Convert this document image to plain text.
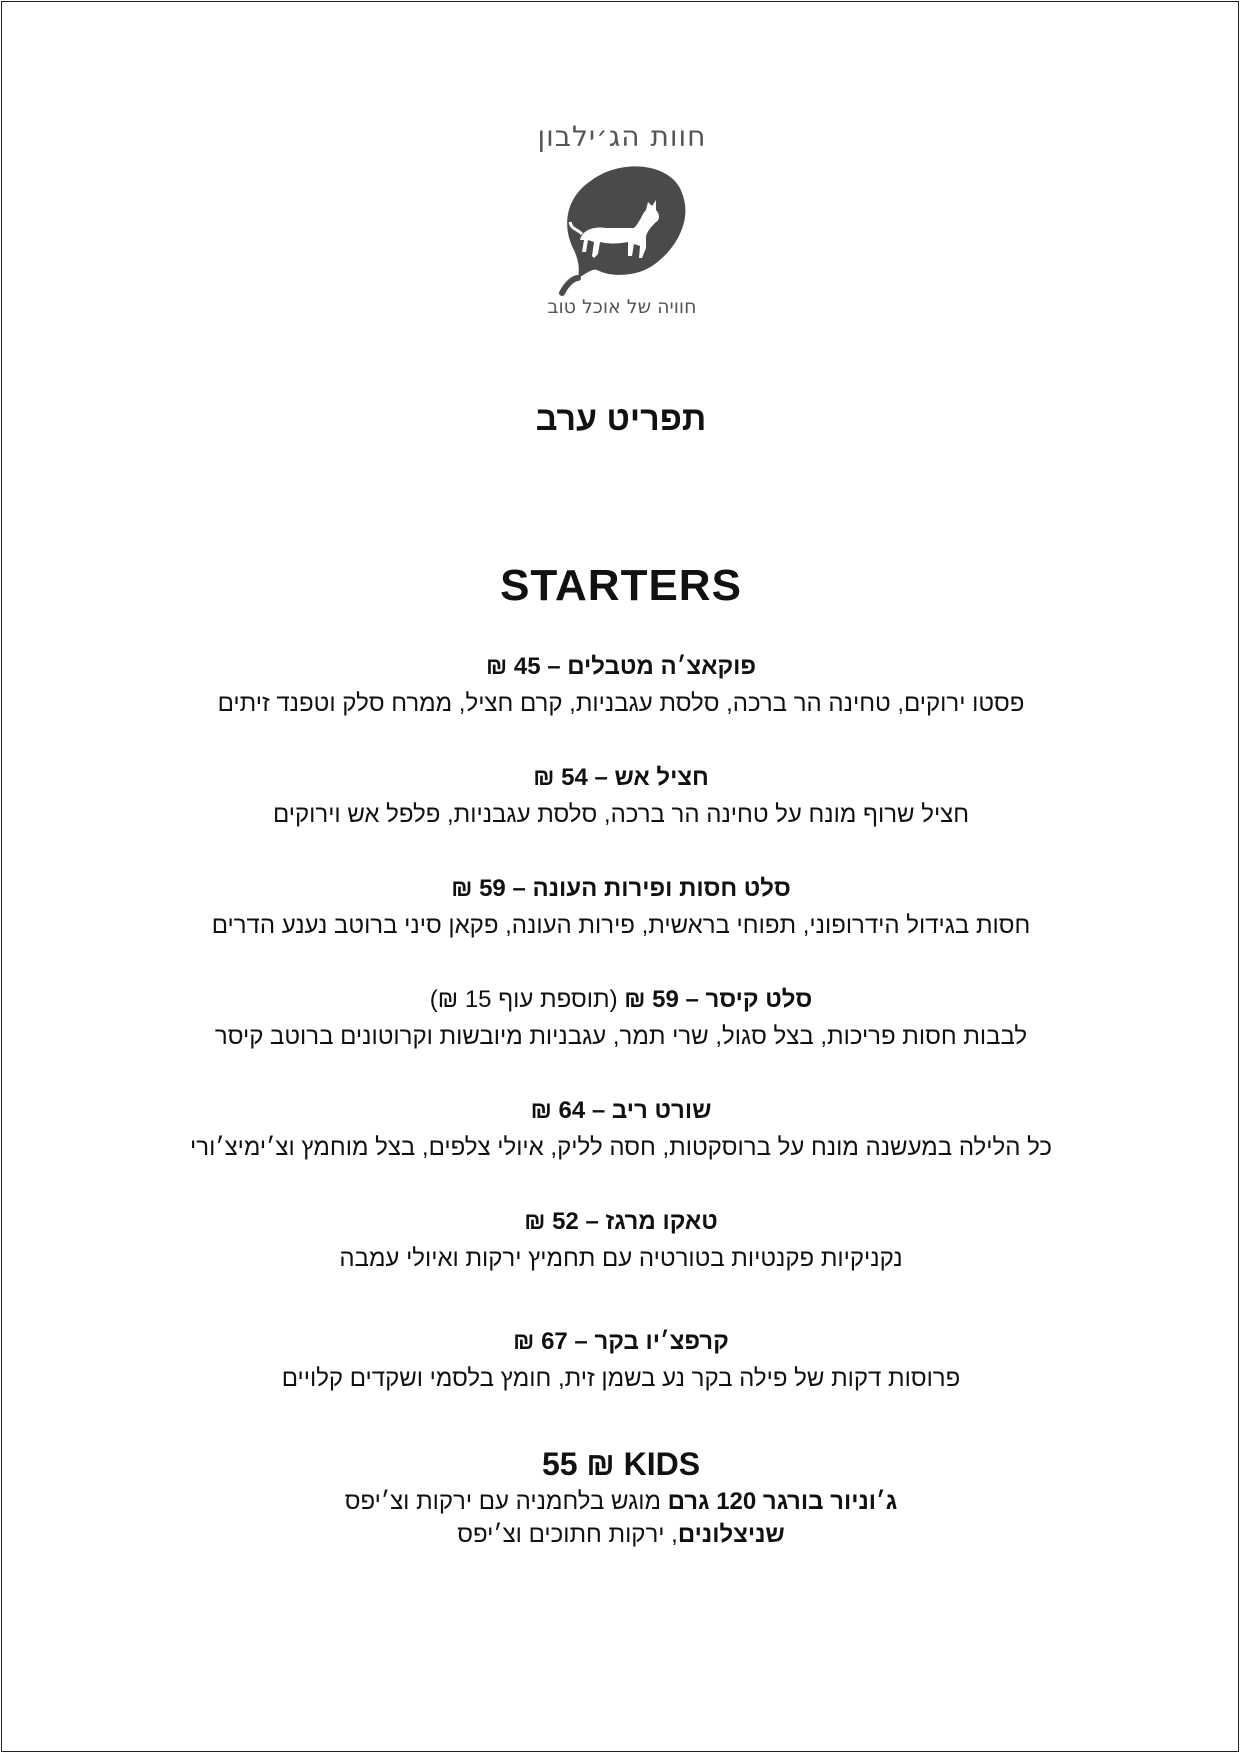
חוות הג׳ילבון
חוויה של אוכל טוב
תפריט ערב
STARTERS
פוקאצ׳ה מטבלים – 45 ₪
פסטו ירוקים, טחינה הר ברכה, סלסת עגבניות, קרם חציל, ממרח סלק וטפנד זיתים
חציל אש – 54 ₪
חציל שרוף מונח על טחינה הר ברכה, סלסת עגבניות, פלפל אש וירוקים
סלט חסות ופירות העונה – 59 ₪
חסות בגידול הידרופוני, תפוחי בראשית, פירות העונה, פקאן סיני ברוטב נענע הדרים
סלט קיסר – 59 ₪ (תוספת עוף 15 ₪)
לבבות חסות פריכות, בצל סגול, שרי תמר, עגבניות מיובשות וקרוטונים ברוטב קיסר
שורט ריב – 64 ₪
כל הלילה במעשנה מונח על ברוסקטות, חסה לליק, איולי צלפים, בצל מוחמץ וצ׳ימיצ׳ורי
טאקו מרגז – 52 ₪
נקניקיות פקנטיות בטורטיה עם תחמיץ ירקות ואיולי עמבה
קרפצ׳יו בקר – 67 ₪
פרוסות דקות של פילה בקר נע בשמן זית, חומץ בלסמי ושקדים קלויים
55 ₪ KIDS
ג׳וניור בורגר 120 גרם מוגש בלחמניה עם ירקות וצ׳יפס
שניצלונים, ירקות חתוכים וצ׳יפס
